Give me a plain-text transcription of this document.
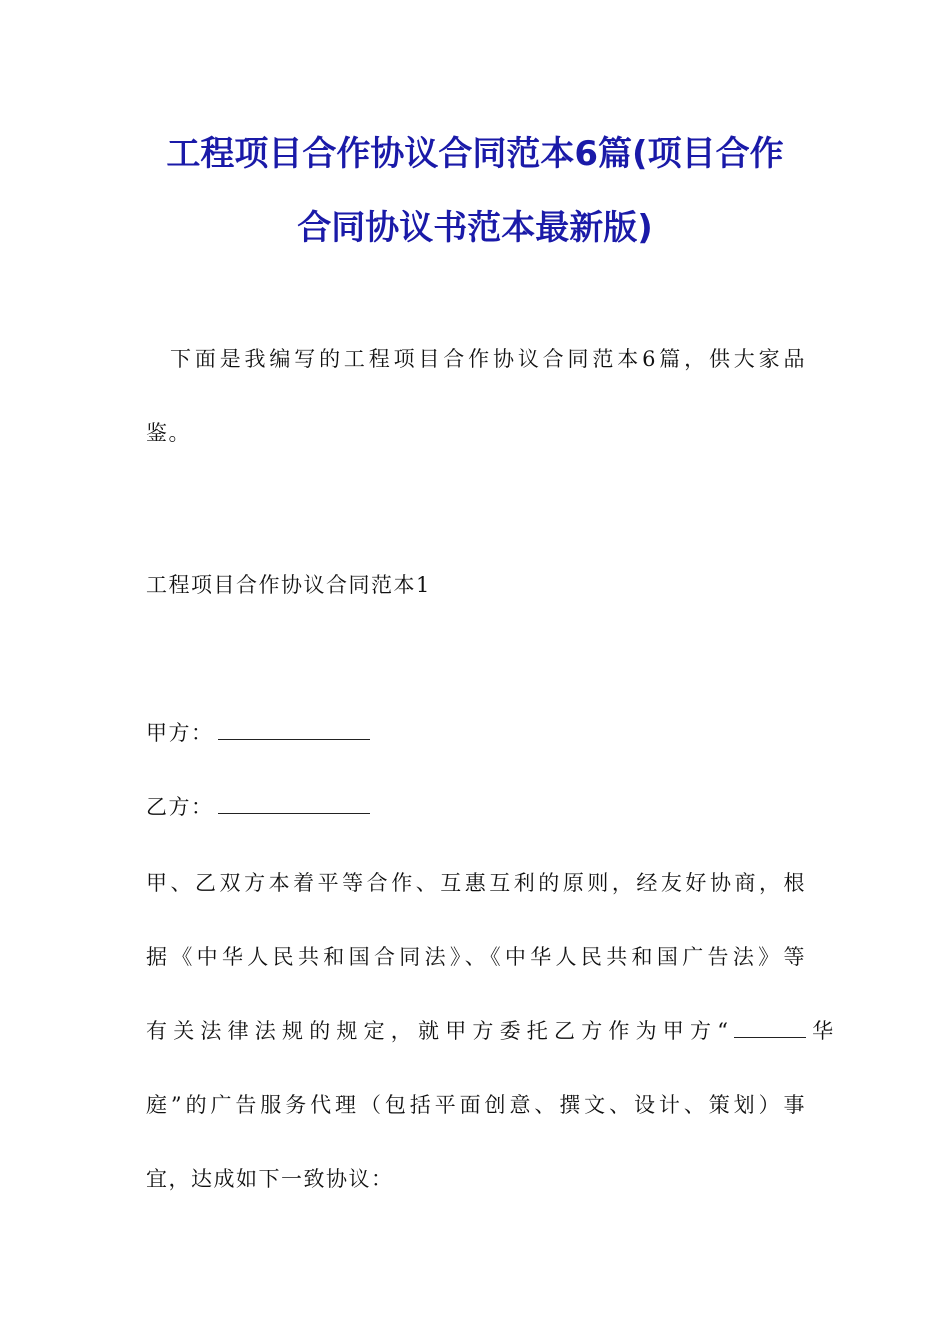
工程项目合作协议合同范本6篇(项目合作
合同协议书范本最新版)

下面是我编写的工程项目合作协议合同范本6篇，供大家品

鉴。

工程项目合作协议合同范本1

甲方：

乙方：

甲、乙双方本着平等合作、互惠互利的原则，经友好协商，根

据《中华人民共和国合同法》、《中华人民共和国广告法》等

有关法律法规的规定，就甲方委托乙方作为甲方“	华

庭”的广告服务代理（包括平面创意、撰文、设计、策划）事

宜，达成如下一致协议：
